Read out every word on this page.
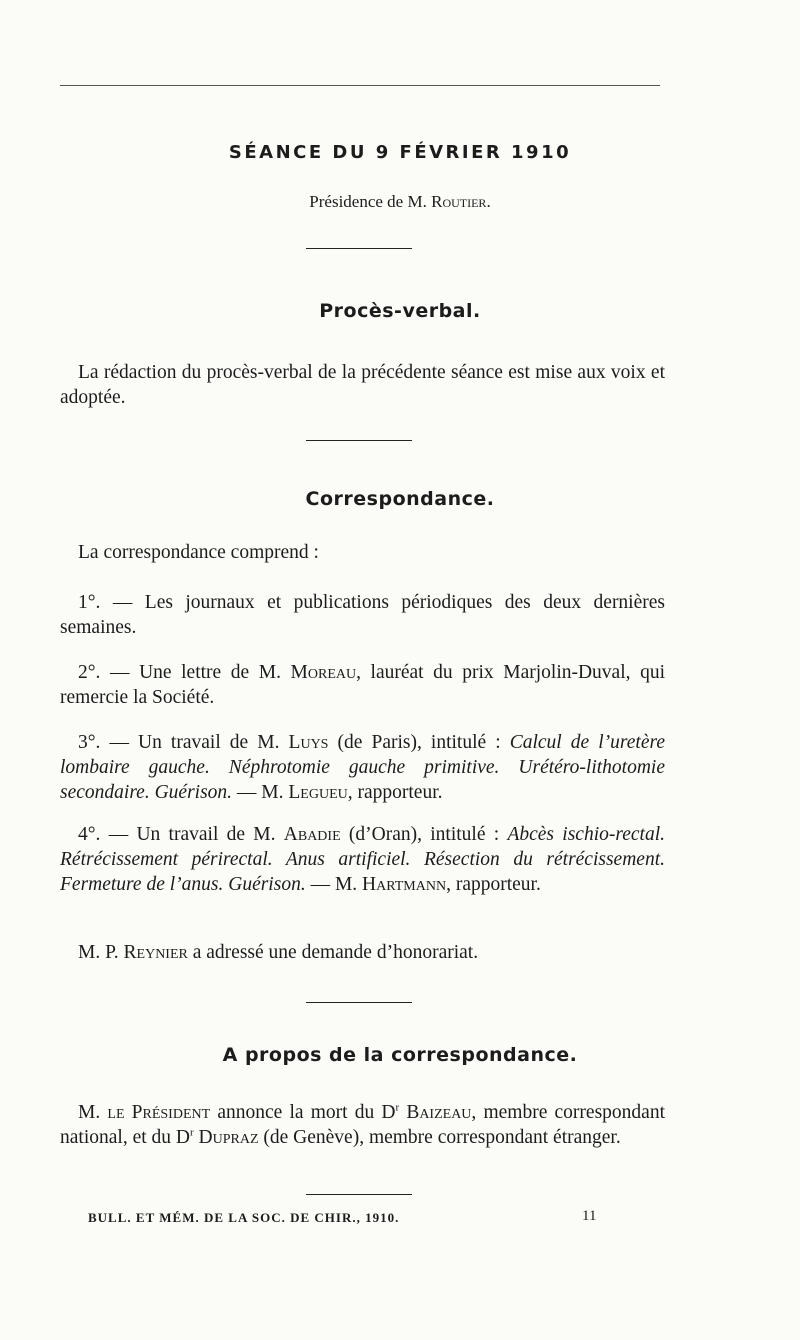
SÉANCE DU 9 FÉVRIER 1910
Présidence de M. Routier.
Procès-verbal.
La rédaction du procès-verbal de la précédente séance est mise aux voix et adoptée.
Correspondance.
La correspondance comprend :
1°. — Les journaux et publications périodiques des deux dernières semaines.
2°. — Une lettre de M. Moreau, lauréat du prix Marjolin-Duval, qui remercie la Société.
3°. — Un travail de M. Luys (de Paris), intitulé : Calcul de l’uretère lombaire gauche. Néphrotomie gauche primitive. Urétéro-lithotomie secondaire. Guérison. — M. Legueu, rapporteur.
4°. — Un travail de M. Abadie (d’Oran), intitulé : Abcès ischio-rectal. Rétrécissement périrectal. Anus artificiel. Résection du rétrécissement. Fermeture de l’anus. Guérison. — M. Hartmann, rapporteur.
M. P. Reynier a adressé une demande d’honorariat.
A propos de la correspondance.
M. le Président annonce la mort du $D^r$ Baizeau, membre correspondant national, et du $D^r$ Dupraz (de Genève), membre correspondant étranger.
BULL. ET MÉM. DE LA SOC. DE CHIR., 1910.	11
